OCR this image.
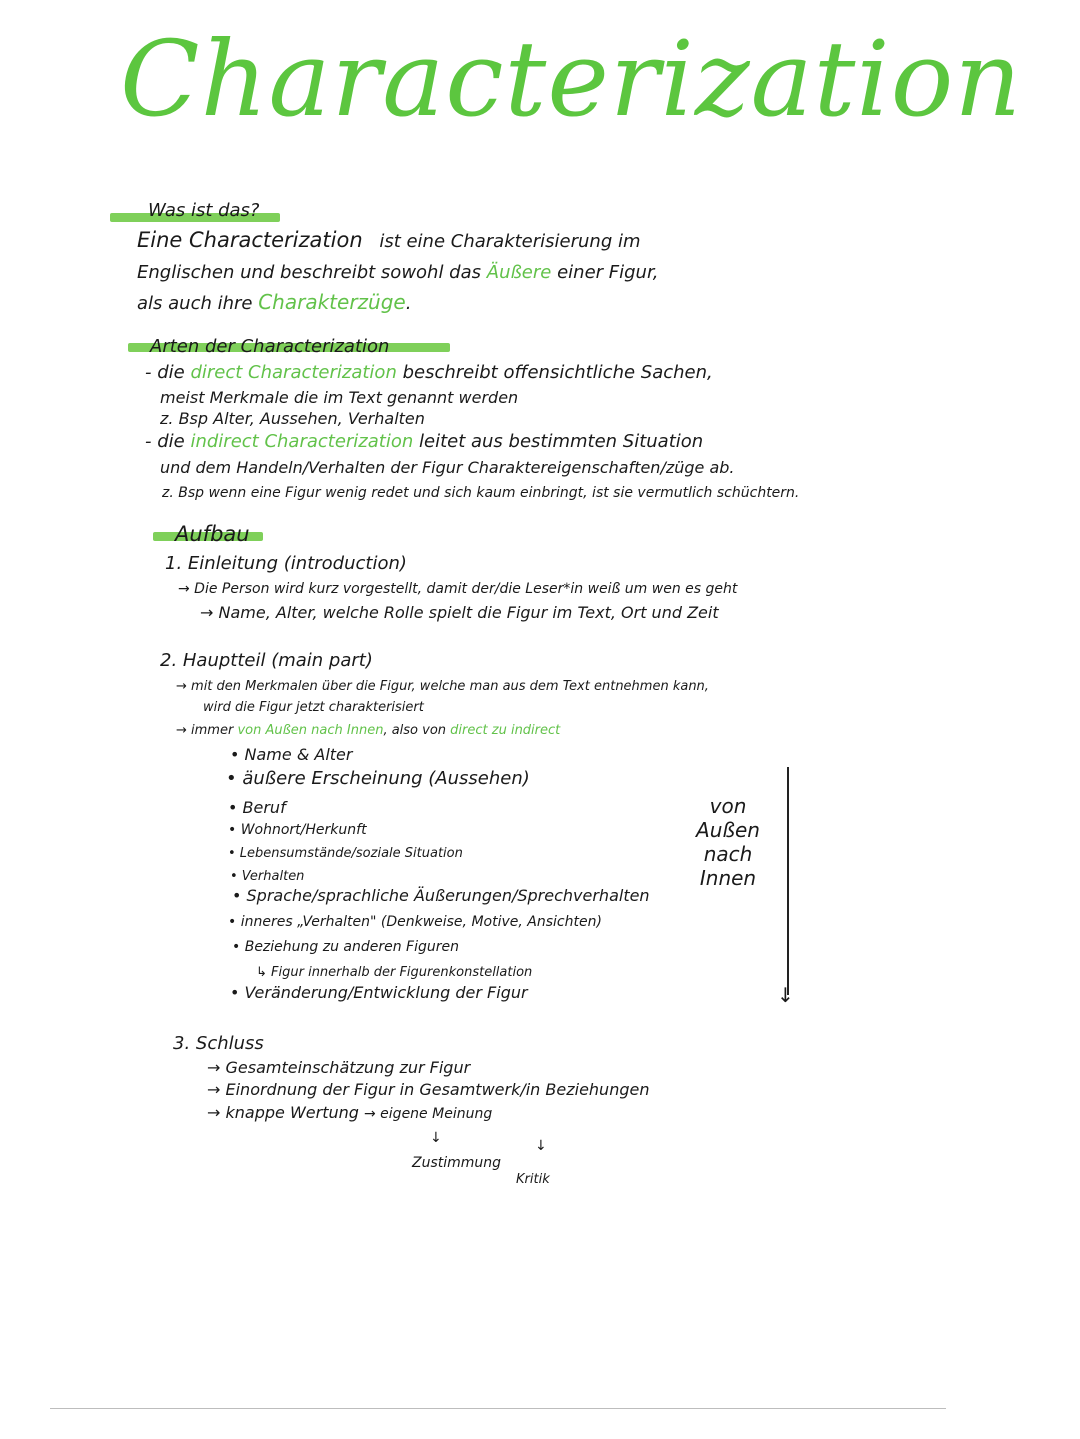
Characterization
Was ist das?
Eine Characterization ist eine Charakterisierung im
Englischen und beschreibt sowohl das Äußere einer Figur,
als auch ihre Charakterzüge.
Arten der Characterization
- die direct Characterization beschreibt offensichtliche Sachen,
meist Merkmale die im Text genannt werden
z. Bsp Alter, Aussehen, Verhalten
- die indirect Characterization leitet aus bestimmten Situation
und dem Handeln/Verhalten der Figur Charaktereigenschaften/züge ab.
z. Bsp wenn eine Figur wenig redet und sich kaum einbringt, ist sie vermutlich schüchtern.
Aufbau
1. Einleitung (introduction)
→ Die Person wird kurz vorgestellt, damit der/die Leser*in weiß um wen es geht
→ Name, Alter, welche Rolle spielt die Figur im Text, Ort und Zeit
2. Hauptteil (main part)
→ mit den Merkmalen über die Figur, welche man aus dem Text entnehmen kann,
wird die Figur jetzt charakterisiert
→ immer von Außen nach Innen, also von direct zu indirect
• Name & Alter
• äußere Erscheinung (Aussehen)
• Beruf
• Wohnort/Herkunft
• Lebensumstände/soziale Situation
• Verhalten
• Sprache/sprachliche Äußerungen/Sprechverhalten
• inneres „Verhalten" (Denkweise, Motive, Ansichten)
• Beziehung zu anderen Figuren
↳ Figur innerhalb der Figurenkonstellation
• Veränderung/Entwicklung der Figur
von Außen nach Innen
↓
3. Schluss
→ Gesamteinschätzung zur Figur
→ Einordnung der Figur in Gesamtwerk/in Beziehungen
→ knappe Wertung → eigene Meinung
↓	↓
Zustimmung
Kritik
